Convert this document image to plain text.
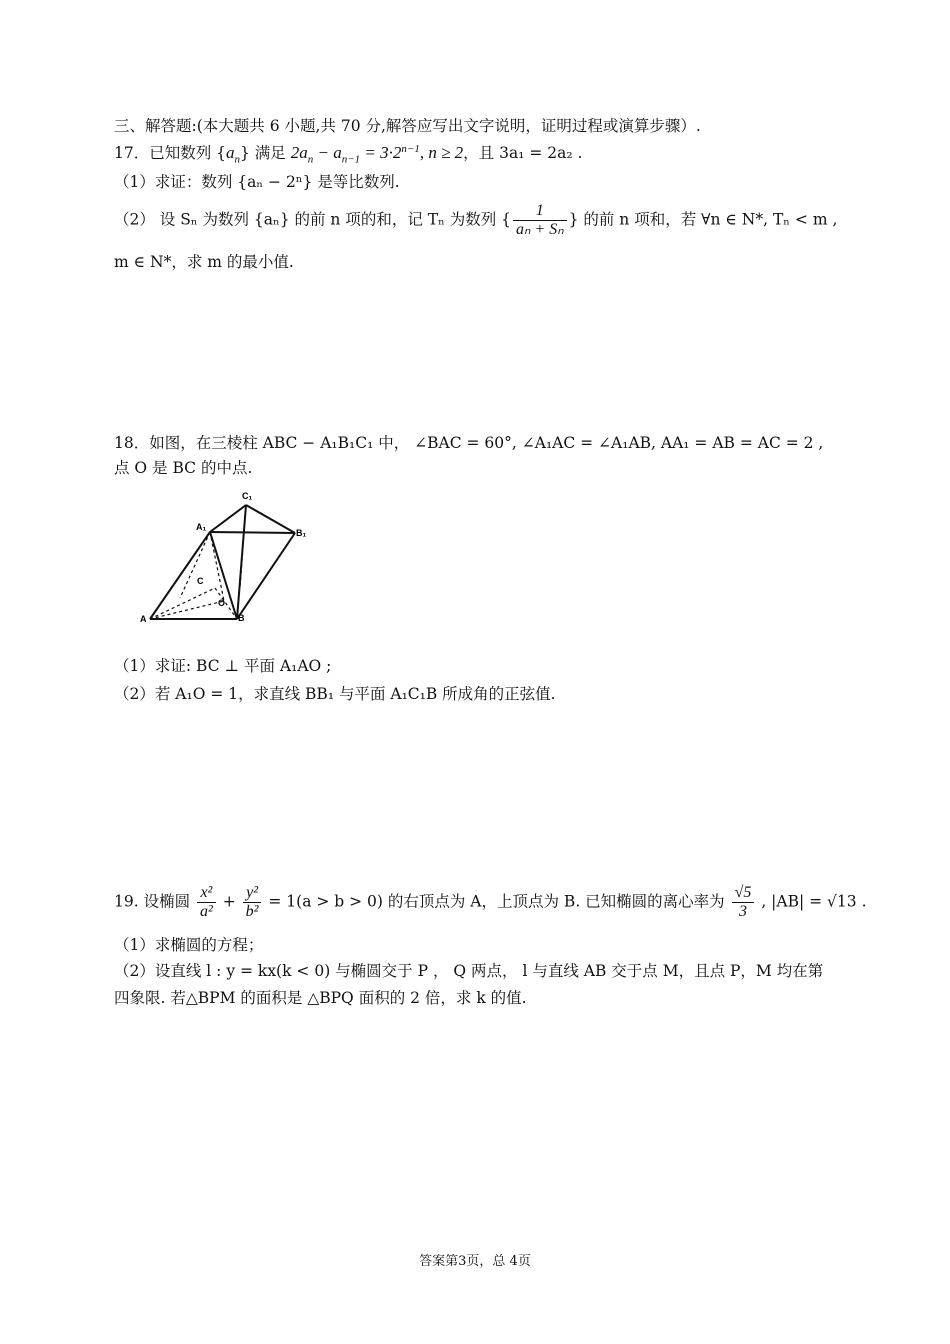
三、解答题:(本大题共 6 小题,共 70 分,解答应写出文字说明，证明过程或演算步骤）.
17．已知数列 $\{a_n\}$ 满足 $2a_n - a_{n-1} = 3\cdot 2^{n-1}$, n ≥ 2，且 3a₁ = 2a₂ .
（1）求证：数列 {aₙ − 2ⁿ} 是等比数列.
（2） 设 Sₙ 为数列 {aₙ} 的前 n 项的和，记 Tₙ 为数列 { $\frac{1}{\text{aₙ + Sₙ}}$ } 的前 n 项和，若 ∀n ∈ N*, Tₙ < m ,
m ∈ N*，求 m 的最小值.
18．如图，在三棱柱 ABC − A₁B₁C₁ 中， ∠BAC = 60°, ∠A₁AC = ∠A₁AB, AA₁ = AB = AC = 2 ,
点 O 是 BC 的中点.
A	B
C
O
A₁
B₁
C₁
（1）求证: BC ⊥ 平面 A₁AO ;
（2）若 A₁O = 1，求直线 BB₁ 与平面 A₁C₁B 所成角的正弦值.
19. 设椭圆 $\frac{\text{x²}}{\text{a²}} + \frac{\text{y²}}{\text{b²}} = 1(a > b > 0)$ 的右顶点为 A，上顶点为 B. 已知椭圆的离心率为 $\frac{√5}{3}$ , |AB| = √13 .
（1）求椭圆的方程；
（2）设直线 l : y = kx(k < 0) 与椭圆交于 P ， Q 两点， l 与直线 AB 交于点 M，且点 P，M 均在第
四象限. 若△BPM 的面积是 △BPQ 面积的 2 倍，求 k 的值.
答案第3页，总 4页
